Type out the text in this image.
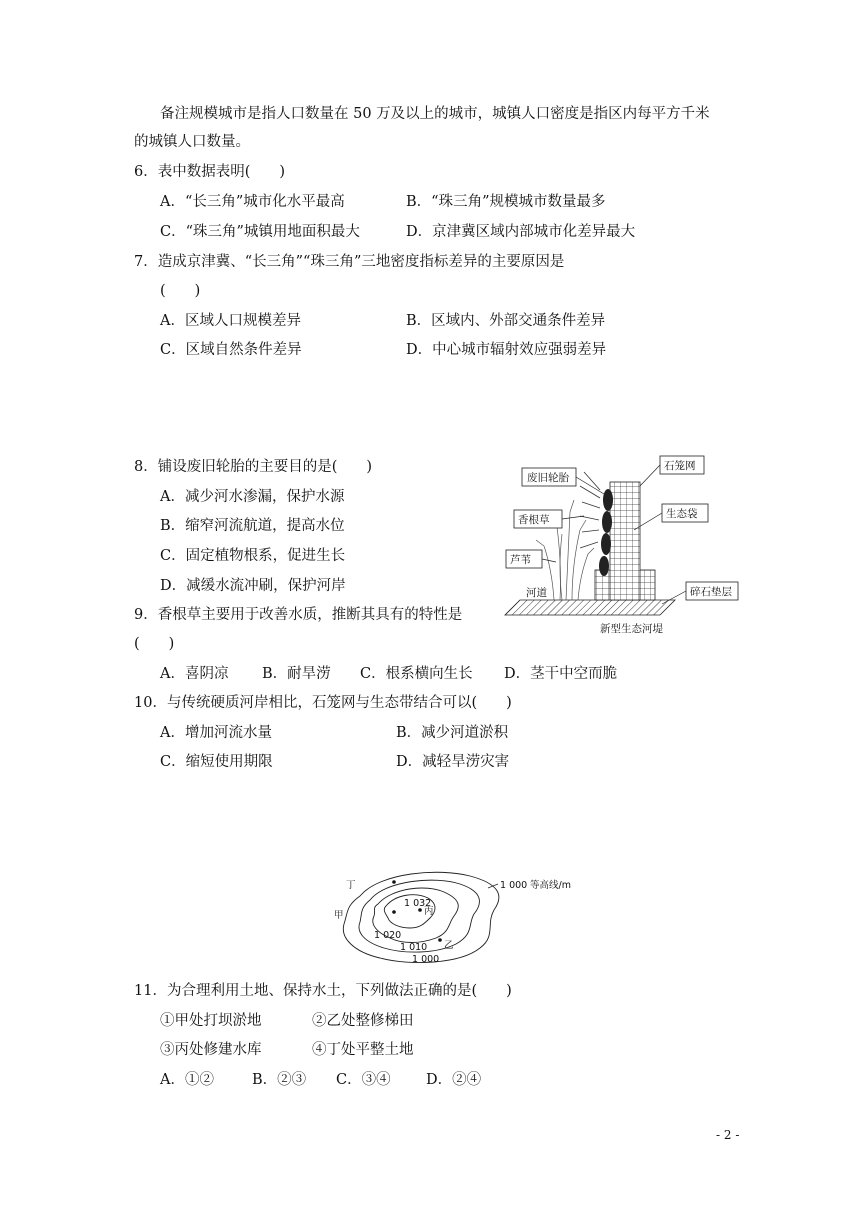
备注规模城市是指人口数量在 50 万及以上的城市，城镇人口密度是指区内每平方千米
的城镇人口数量。
6．表中数据表明(　　)
A．“长三角”城市化水平最高	B．“珠三角”规模城市数量最多
C．“珠三角”城镇用地面积最大	D．京津冀区域内部城市化差异最大
7．造成京津冀、“长三角”“珠三角”三地密度指标差异的主要原因是
(　　)
A．区域人口规模差异	B．区域内、外部交通条件差异
C．区域自然条件差异	D．中心城市辐射效应强弱差异
8．铺设废旧轮胎的主要目的是(　　)
A．减少河水渗漏，保护水源
B．缩窄河流航道，提高水位
C．固定植物根系，促进生长
D．减缓水流冲刷，保护河岸
9．香根草主要用于改善水质，推断其具有的特性是
(　　)
A．喜阴凉 B．耐旱涝 C．根系横向生长 D．茎干中空而脆
10．与传统硬质河岸相比，石笼网与生态带结合可以(　　)
A．增加河流水量	B．减少河道淤积
C．缩短使用期限	D．减轻旱涝灾害
11．为合理利用土地、保持水土，下列做法正确的是(　　)
①甲处打坝淤地	②乙处整修梯田
③丙处修建水库	④丁处平整土地
A．①②	B．②③ C．③④ D．②④
废旧轮胎
石笼网
香根草	生态袋
芦苇
河道	碎石垫层
新型生态河堤
丁
甲
1 032
丙
1 020
1 010 乙
1 000
1 000 等高线/m
- 2 -
